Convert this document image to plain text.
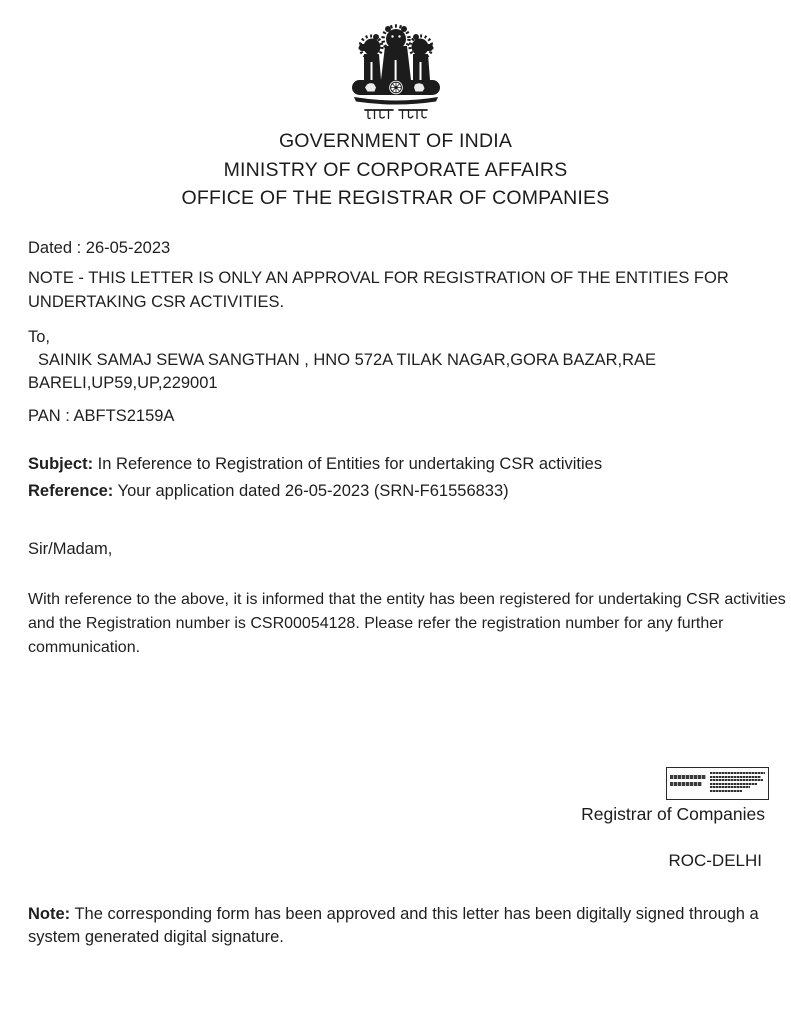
GOVERNMENT OF INDIA
MINISTRY OF CORPORATE AFFAIRS
OFFICE OF THE REGISTRAR OF COMPANIES
Dated : 26-05-2023
NOTE - THIS LETTER IS ONLY AN APPROVAL FOR REGISTRATION OF THE ENTITIES FOR UNDERTAKING CSR ACTIVITIES.
To,
SAINIK SAMAJ SEWA SANGTHAN , HNO 572A TILAK NAGAR,GORA BAZAR,RAE BARELI,UP59,UP,229001
PAN : ABFTS2159A
Subject: In Reference to Registration of Entities for undertaking CSR activities
Reference: Your application dated 26-05-2023 (SRN-F61556833)
Sir/Madam,
With reference to the above, it is informed that the entity has been registered for undertaking CSR activities and the Registration number is CSR00054128. Please refer the registration number for any further communication.
Registrar of Companies
ROC-DELHI
Note: The corresponding form has been approved and this letter has been digitally signed through a system generated digital signature.
